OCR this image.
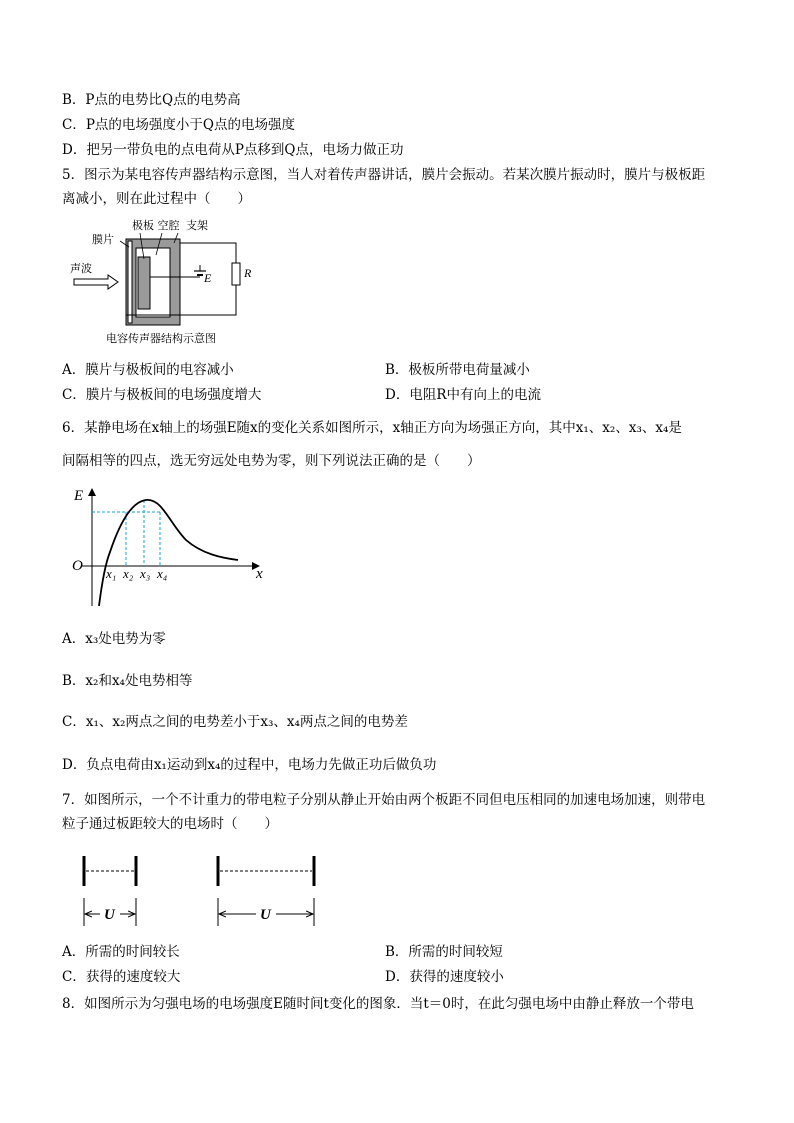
B．P点的电势比Q点的电势高
C．P点的电场强度小于Q点的电场强度
D．把另一带负电的点电荷从P点移到Q点，电场力做正功
5．图示为某电容传声器结构示意图，当人对着传声器讲话，膜片会振动。若某次膜片振动时，膜片与极板距
离减小，则在此过程中（　　）
极板 空腔 支架
膜片
声波
E	R
电容传声器结构示意图
A．膜片与极板间的电容减小	B．极板所带电荷量减小
C．膜片与极板间的电场强度增大	D．电阻R中有向上的电流
6．某静电场在x轴上的场强E随x的变化关系如图所示，x轴正方向为场强正方向，其中x₁、x₂、x₃、x₄是
间隔相等的四点，选无穷远处电势为零，则下列说法正确的是（　　）
E
x
O x₁ x₂ x₃ x₄
A．x₃处电势为零
B．x₂和x₄处电势相等
C．x₁、x₂两点之间的电势差小于x₃、x₄两点之间的电势差
D．负点电荷由x₁运动到x₄的过程中，电场力先做正功后做负功
7．如图所示，一个不计重力的带电粒子分别从静止开始由两个板距不同但电压相同的加速电场加速，则带电
粒子通过板距较大的电场时（　　）
U	U
A．所需的时间较长	B．所需的时间较短
C．获得的速度较大	D．获得的速度较小
8．如图所示为匀强电场的电场强度E随时间t变化的图象．当t＝0时，在此匀强电场中由静止释放一个带电
